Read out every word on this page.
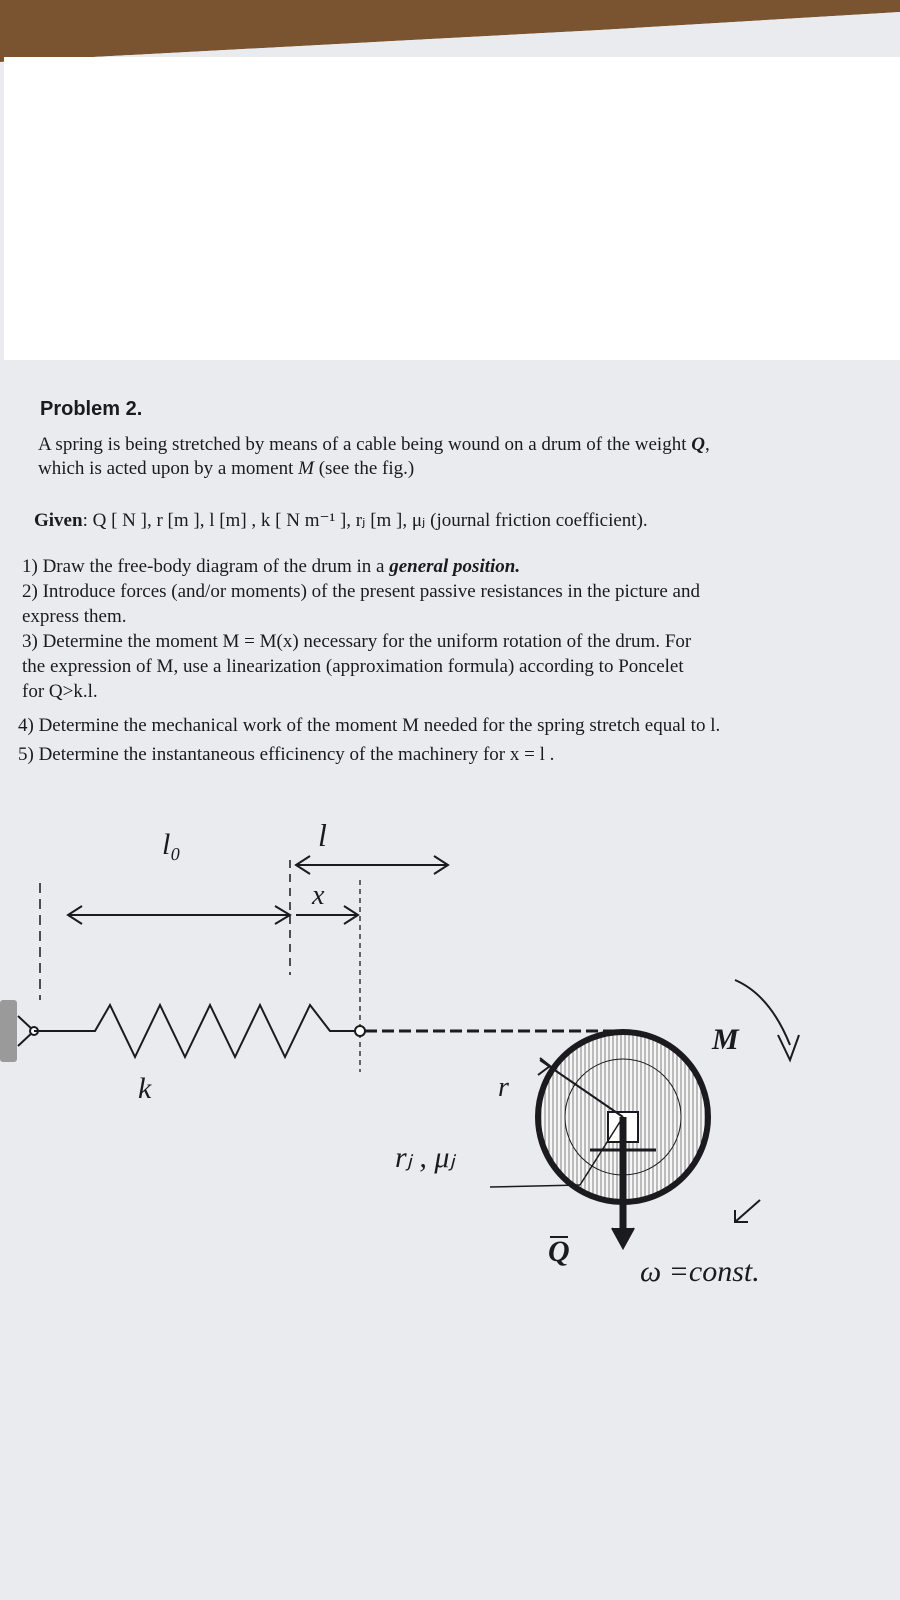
Problem 2.
A spring is being stretched by means of a cable being wound on a drum of the weight Q,
which is acted upon by a moment M (see the fig.)
Given: Q [ N ], r [m ], l [m] , k [ N m⁻¹ ], rⱼ [m ], μⱼ (journal friction coefficient).
1) Draw the free-body diagram of the drum in a general position.
2) Introduce forces (and/or moments) of the present passive resistances in the picture and
express them.
3) Determine the moment M = M(x) necessary for the uniform rotation of the drum. For
the expression of M, use a linearization (approximation formula) according to Poncelet
for Q>k.l.
4) Determine the mechanical work of the moment M needed for the spring stretch equal to l.
5) Determine the instantaneous efficinency of the machinery for x = l .
l₀	l
x
k	r
rⱼ , μⱼ
M
Q
ω =const.
